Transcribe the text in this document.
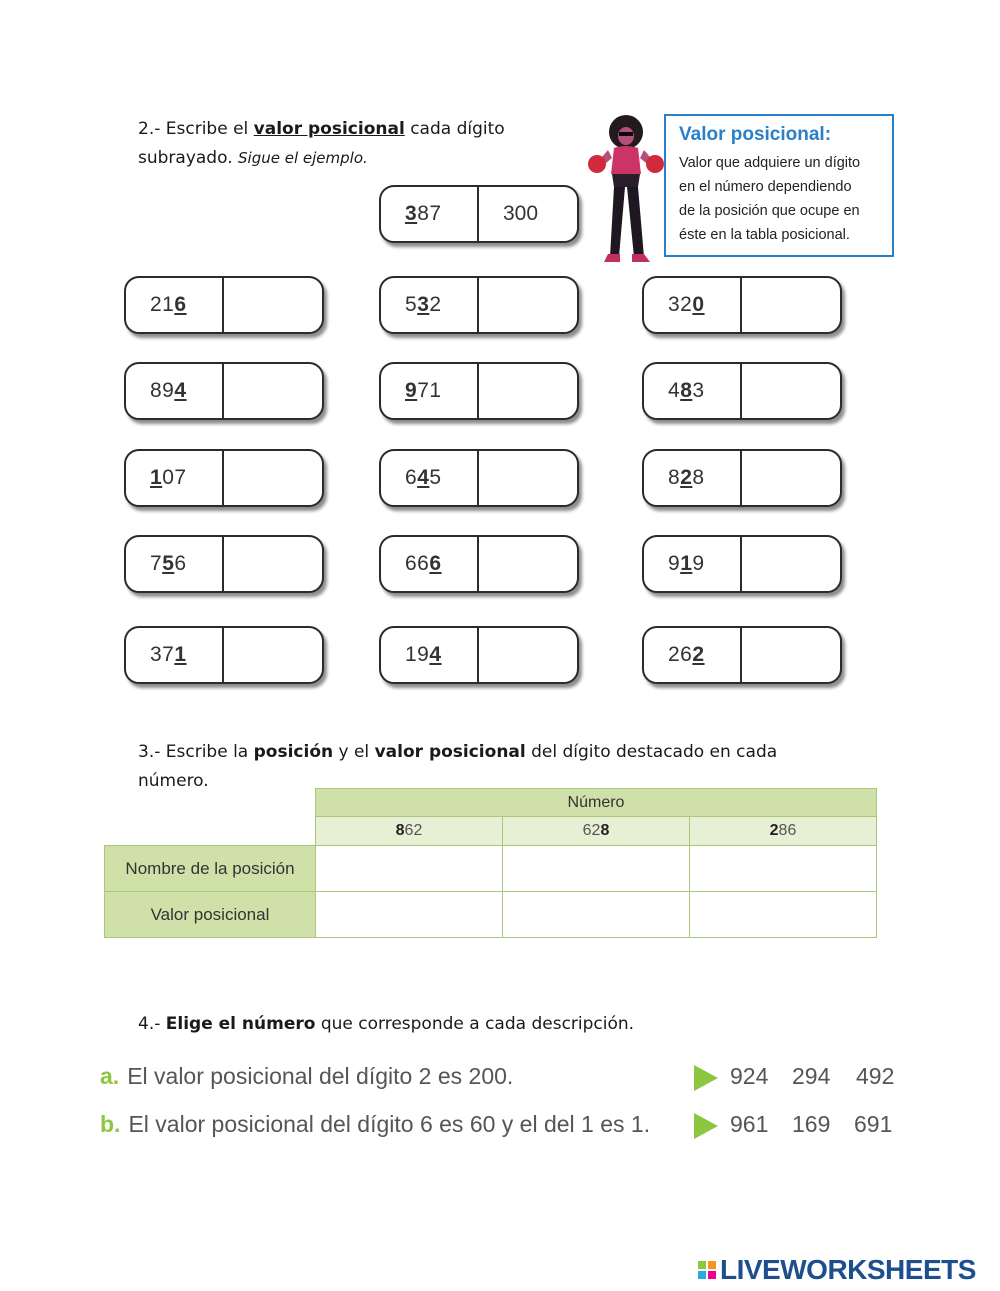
2.- Escribe el valor posicional cada dígito
subrayado. Sigue el ejemplo.
Valor posicional:
Valor que adquiere un dígito
en el número dependiendo
de la posición que ocupe en
éste en la tabla posicional.
3 87	300
21 6	5 3 2	32 0
89 4	9 71	4 8 3
1 07	6 4 5	8 2 8
7 5 6	66 6	9 1 9
37 1	19 4	26 2
3.- Escribe la posición y el valor posicional del dígito destacado en cada
número.
	Número		
	862	628	286
Nombre de la posición			
Valor posicional			
4.- Elige el número que corresponde a cada descripción.
a. El valor posicional del dígito 2 es 200.	924 294 492
b. El valor posicional del dígito 6 es 60 y el del 1 es 1.	961 169 691
LIVEWORKSHEETS
